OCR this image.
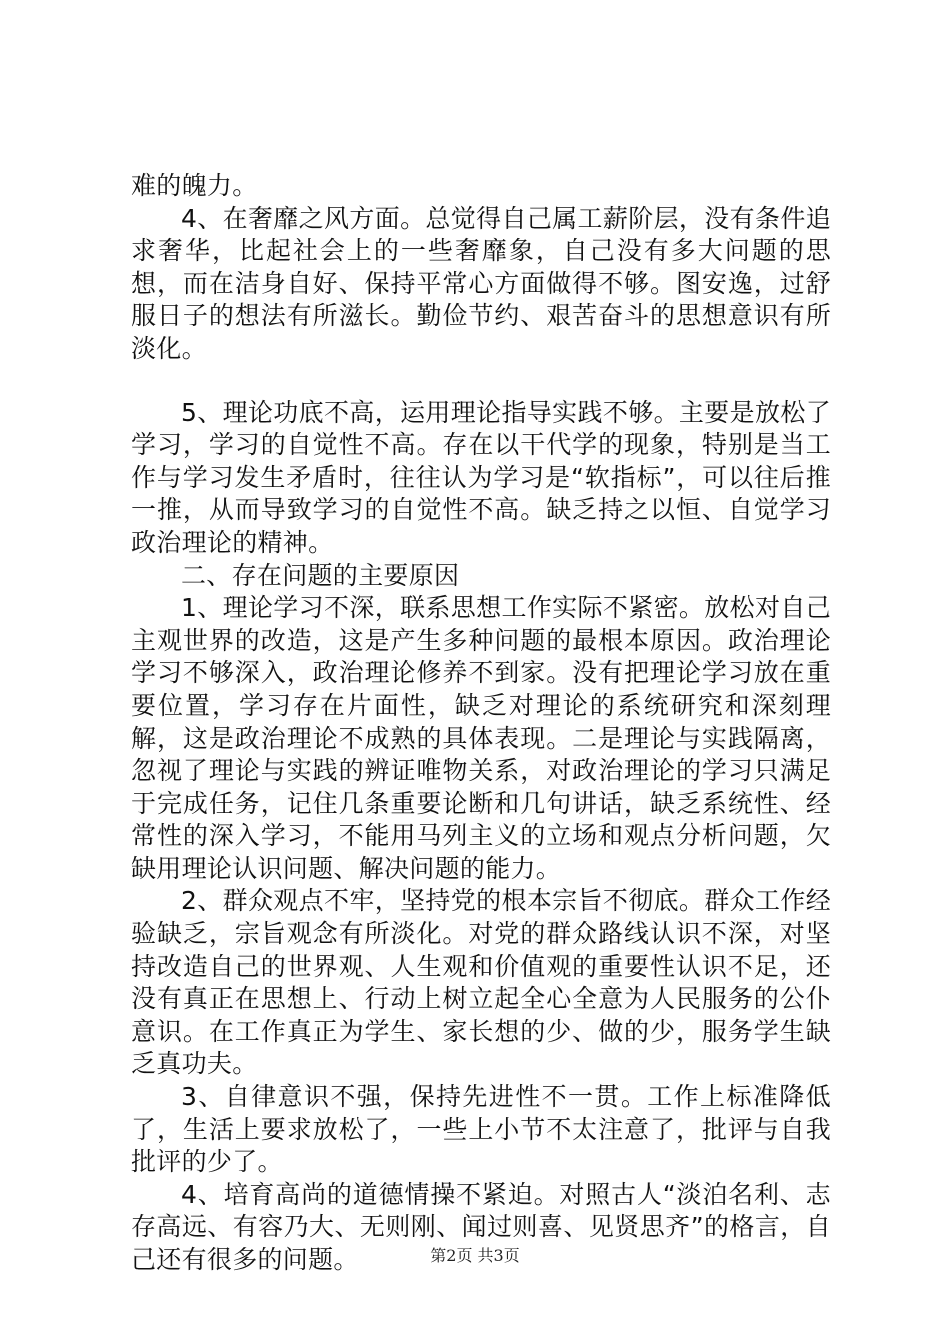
难的魄力。

4、在奢靡之风方面。总觉得自己属工薪阶层，没有条件追求奢华，比起社会上的一些奢靡象，自己没有多大问题的思想，而在洁身自好、保持平常心方面做得不够。图安逸，过舒服日子的想法有所滋长。勤俭节约、艰苦奋斗的思想意识有所淡化。

5、理论功底不高，运用理论指导实践不够。主要是放松了学习，学习的自觉性不高。存在以干代学的现象，特别是当工作与学习发生矛盾时，往往认为学习是“软指标”，可以往后推一推，从而导致学习的自觉性不高。缺乏持之以恒、自觉学习政治理论的精神。

二、存在问题的主要原因

1、理论学习不深，联系思想工作实际不紧密。放松对自己主观世界的改造，这是产生多种问题的最根本原因。政治理论学习不够深入，政治理论修养不到家。没有把理论学习放在重要位置，学习存在片面性，缺乏对理论的系统研究和深刻理解，这是政治理论不成熟的具体表现。二是理论与实践隔离，忽视了理论与实践的辨证唯物关系，对政治理论的学习只满足于完成任务，记住几条重要论断和几句讲话，缺乏系统性、经常性的深入学习，不能用马列主义的立场和观点分析问题，欠缺用理论认识问题、解决问题的能力。

2、群众观点不牢，坚持党的根本宗旨不彻底。群众工作经验缺乏，宗旨观念有所淡化。对党的群众路线认识不深，对坚持改造自己的世界观、人生观和价值观的重要性认识不足，还没有真正在思想上、行动上树立起全心全意为人民服务的公仆意识。在工作真正为学生、家长想的少、做的少，服务学生缺乏真功夫。

3、自律意识不强，保持先进性不一贯。工作上标准降低了，生活上要求放松了，一些上小节不太注意了，批评与自我批评的少了。

4、培育高尚的道德情操不紧迫。对照古人“淡泊名利、志存高远、有容乃大、无则刚、闻过则喜、见贤思齐”的格言，自己还有很多的问题。	第2页 共3页
